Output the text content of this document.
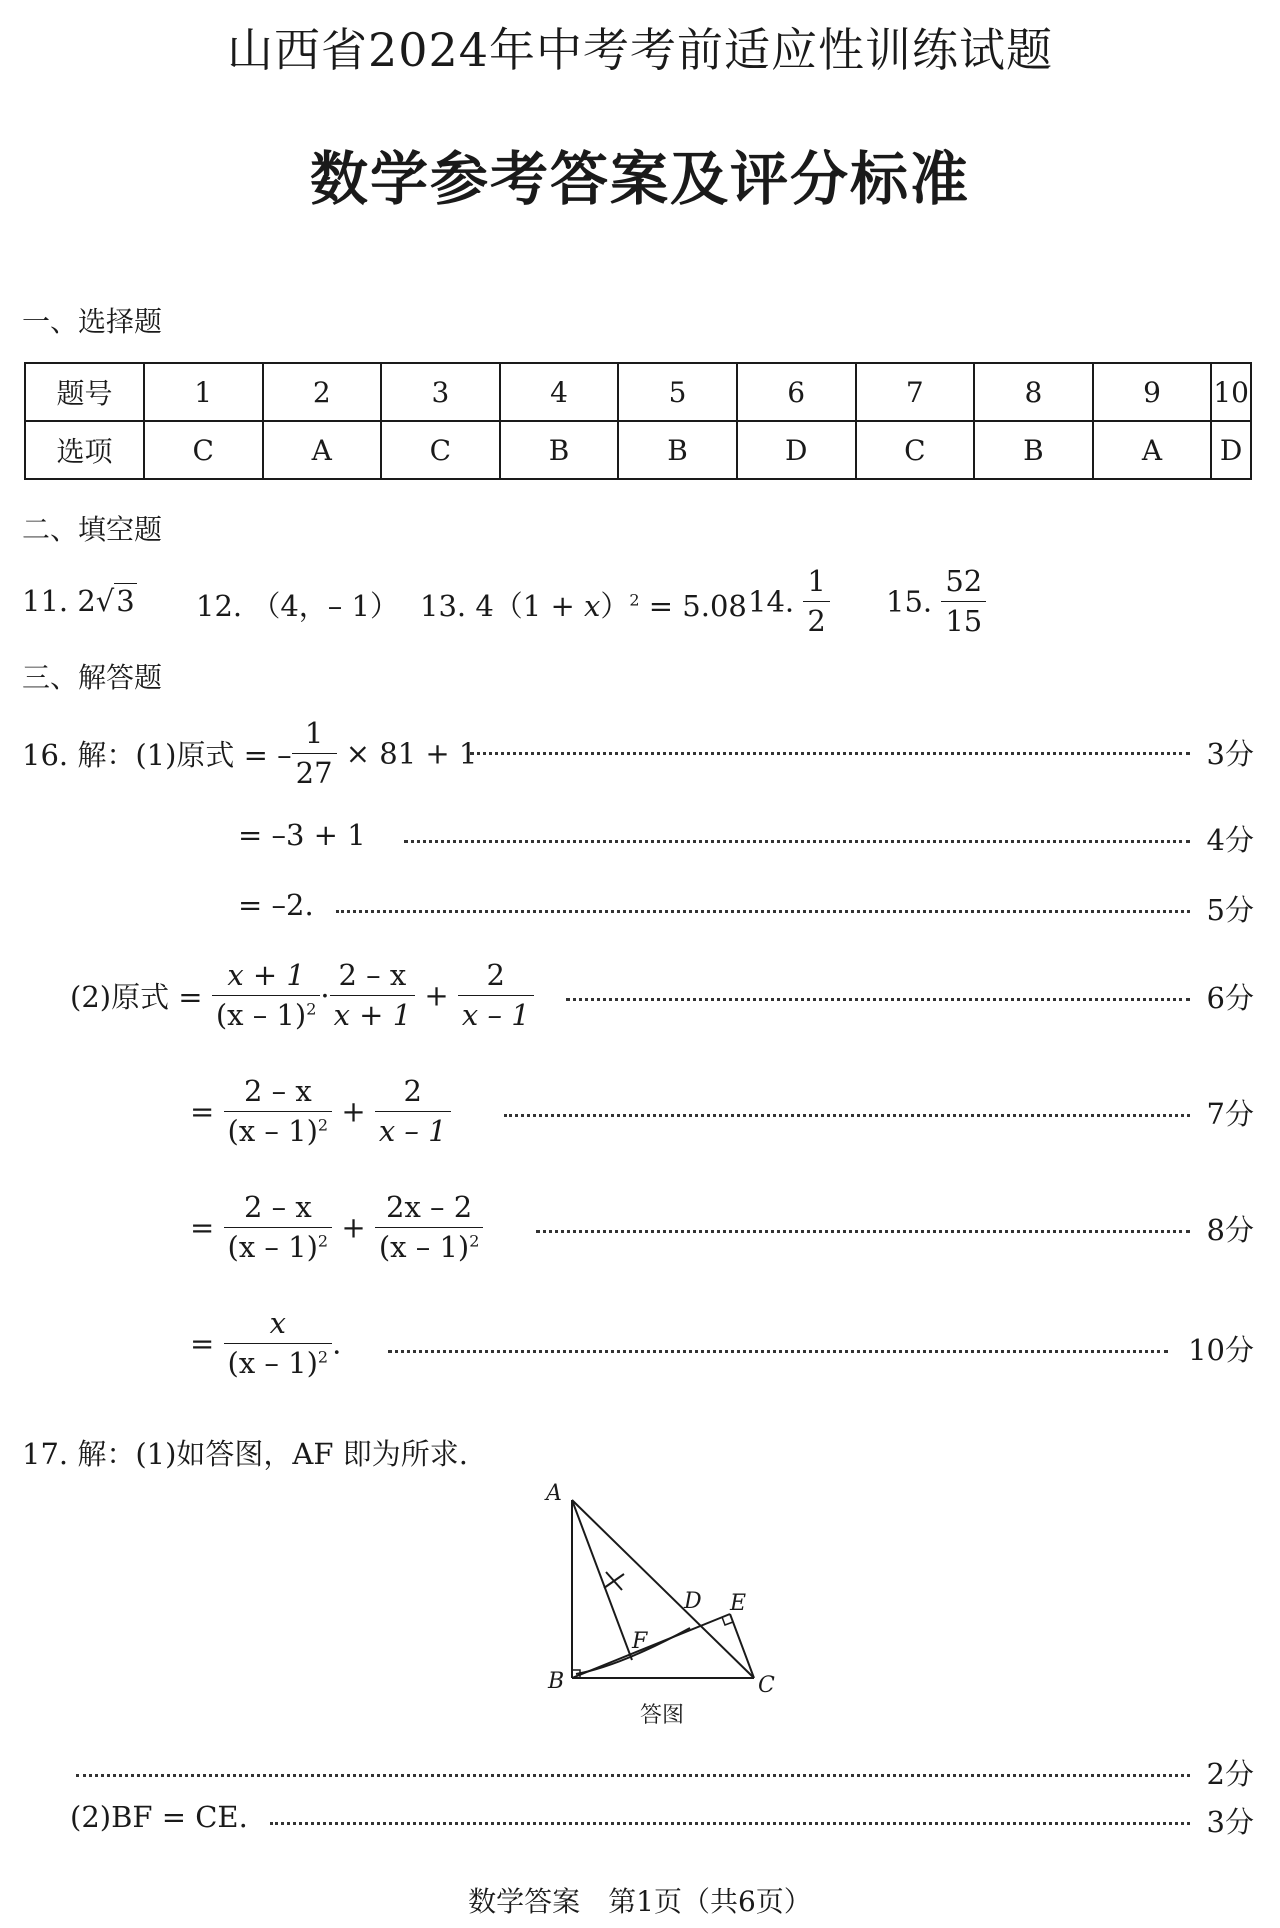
山西省2024年中考考前适应性训练试题
数学参考答案及评分标准
一、选择题
题号	1	2	3	4	5	6	7	8	9	10
选项	C	A	C	B	B	D	C	B	A	D
二、填空题
11. 2√3 12. （4，– 1） 13. $4(1 + x)^2 = 5.08$ 14. $\frac{1}{2} 15$. $\frac{52}{15}$
三、解答题
16. 解：(1)原式 = – $\frac{1}{27} \times 81 + 1$	3分
= –3 + 1	4分
= –2.	5分
(2)原式 = $\frac{x + 1}{(x - 1)^2} \cdot \frac{2 - x}{x + 1} + \frac{2}{x - 1}$	6分
= $\frac{2 - x}{(x - 1)^2} + \frac{2}{x - 1}$	7分
= $\frac{2 - x}{(x - 1)^2} + \frac{2x - 2}{(x - 1)^2}$	8分
= $\frac{x}{(x - 1)^2}$ .	10分
17. 解：(1)如答图，AF 即为所求.
A
B	C
D E
F
答图
2分
(2)BF = CE.	3分
数学答案　第1页（共6页）
